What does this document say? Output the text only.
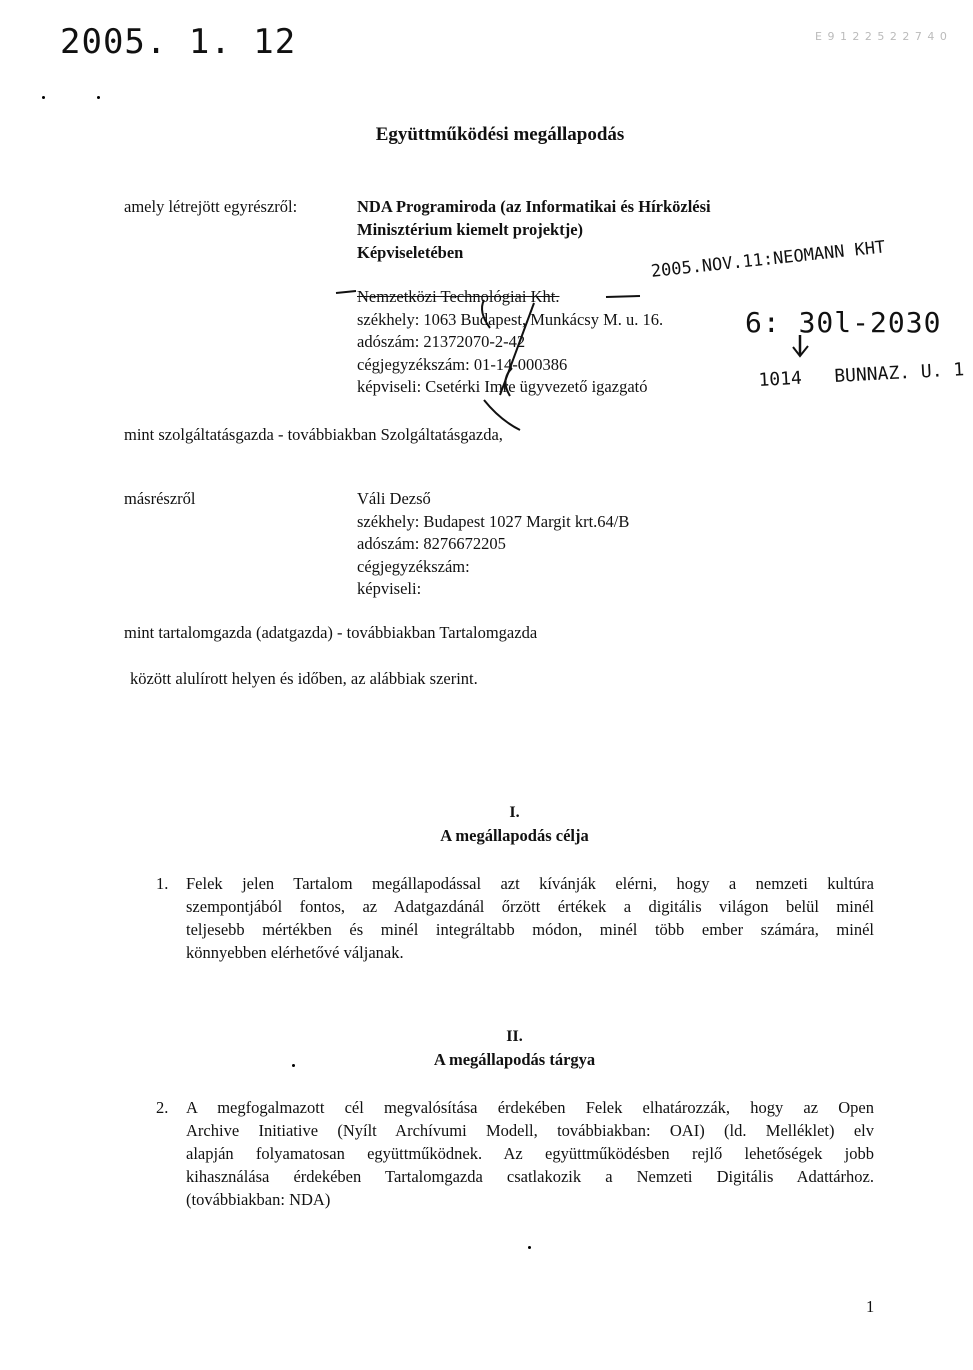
2005. 1. 12	E 9 1 2 2 5 2 2 7 4 0
Együttműködési megállapodás
amely létrejött egyrészről:	NDA Programiroda (az Informatikai és Hírközlési
Minisztérium kiemelt projektje)
Képviseletében
Nemzetközi Technológiai Kht.
székhely: 1063 Budapest, Munkácsy M. u. 16.
adószám: 21372070-2-42
cégjegyzékszám: 01-14-000386
képviseli: Csetérki Imre ügyvezető igazgató
2005.NOV.11:NEOMANN KHT
6: 30l-2030
1014   BUNNAZ. U. 1
mint szolgáltatásgazda - továbbiakban Szolgáltatásgazda,
másrészről	Váli Dezső
székhely: Budapest 1027 Margit krt.64/B
adószám: 8276672205
cégjegyzékszám:
képviseli:
mint tartalomgazda (adatgazda) - továbbiakban Tartalomgazda
között alulírott helyen és időben, az alábbiak szerint.
I.
A megállapodás célja
1. Felek jelen Tartalom megállapodással azt kívánják elérni, hogy a nemzeti kultúra
szempontjából fontos, az Adatgazdánál őrzött értékek a digitális világon belül minél
teljesebb mértékben és minél integráltabb módon, minél több ember számára, minél
könnyebben elérhetővé váljanak.
II.
A megállapodás tárgya
2. A megfogalmazott cél megvalósítása érdekében Felek elhatározzák, hogy az Open
Archive Initiative (Nyílt Archívumi Modell, továbbiakban: OAI) (ld. Melléklet) elv
alapján folyamatosan együttműködnek. Az együttműködésben rejlő lehetőségek jobb
kihasználása érdekében Tartalomgazda csatlakozik a Nemzeti Digitális Adattárhoz.
(továbbiakban: NDA)
1
